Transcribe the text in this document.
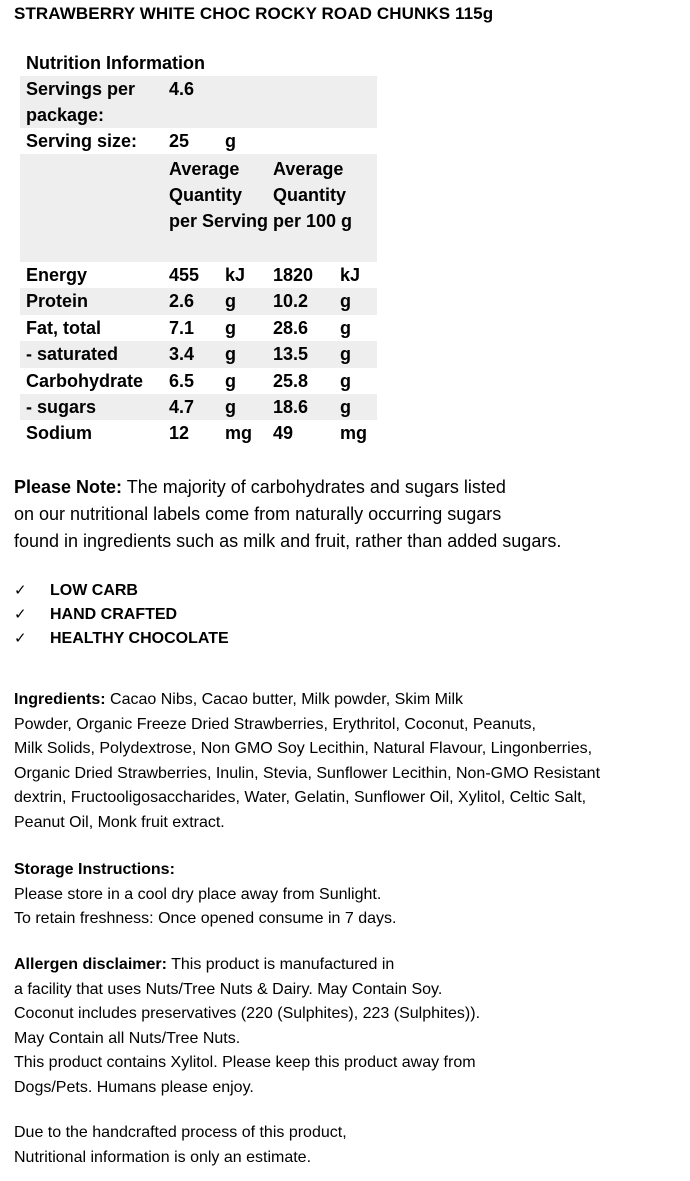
STRAWBERRY WHITE CHOC ROCKY ROAD CHUNKS 115g
Nutrition Information
Servings per package:
4.6
Serving size: 25 g
Average Quantity per Serving
Average Quantity per 100 g
Energy	455 kJ 1820 kJ
Protein	2.6 g 10.2 g
Fat, total	7.1 g 28.6 g
- saturated	3.4 g 13.5 g
Carbohydrate 6.5 g 25.8 g
- sugars	4.7 g 18.6 g
Sodium	12 mg 49	mg
Please Note: The majority of carbohydrates and sugars listed
on our nutritional labels come from naturally occurring sugars
found in ingredients such as milk and fruit, rather than added sugars.
✓ LOW CARB
✓ HAND CRAFTED
✓ HEALTHY CHOCOLATE
Ingredients: Cacao Nibs, Cacao butter, Milk powder, Skim Milk
Powder, Organic Freeze Dried Strawberries, Erythritol, Coconut, Peanuts,
Milk Solids, Polydextrose, Non GMO Soy Lecithin, Natural Flavour, Lingonberries,
Organic Dried Strawberries, Inulin, Stevia, Sunflower Lecithin, Non-GMO Resistant
dextrin, Fructooligosaccharides, Water, Gelatin, Sunflower Oil, Xylitol, Celtic Salt,
Peanut Oil, Monk fruit extract.
Storage Instructions:
Please store in a cool dry place away from Sunlight.
To retain freshness: Once opened consume in 7 days.
Allergen disclaimer: This product is manufactured in
a facility that uses Nuts/Tree Nuts & Dairy. May Contain Soy.
Coconut includes preservatives (220 (Sulphites), 223 (Sulphites)).
May Contain all Nuts/Tree Nuts.
This product contains Xylitol. Please keep this product away from
Dogs/Pets. Humans please enjoy.
Due to the handcrafted process of this product,
Nutritional information is only an estimate.
